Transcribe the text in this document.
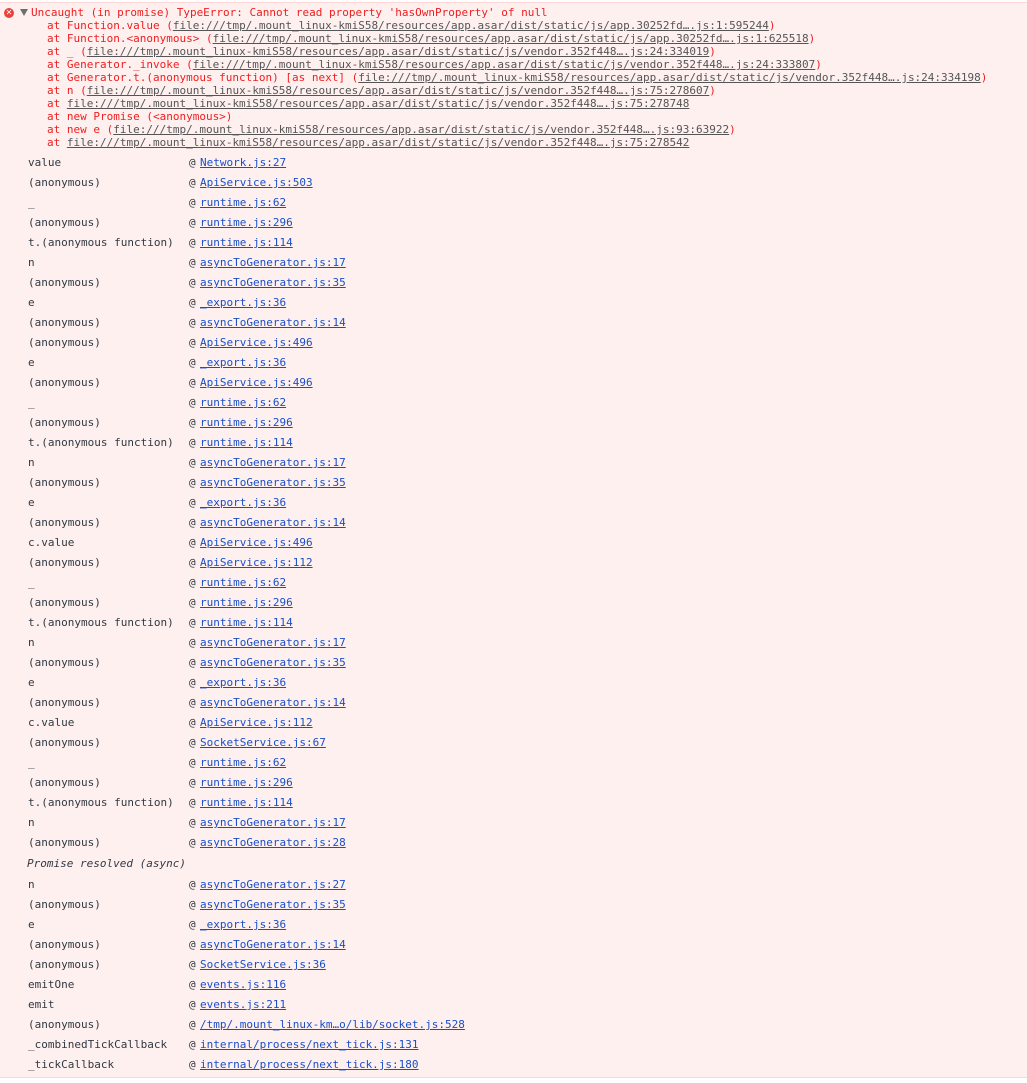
✕ Uncaught (in promise) TypeError: Cannot read property 'hasOwnProperty' of null
at Function.value (file:///tmp/.mount_linux-kmiS58/resources/app.asar/dist/static/js/app.30252fd….js:1:595244)
at Function.<anonymous> (file:///tmp/.mount_linux-kmiS58/resources/app.asar/dist/static/js/app.30252fd….js:1:625518)
at _ (file:///tmp/.mount_linux-kmiS58/resources/app.asar/dist/static/js/vendor.352f448….js:24:334019)
at Generator._invoke (file:///tmp/.mount_linux-kmiS58/resources/app.asar/dist/static/js/vendor.352f448….js:24:333807)
at Generator.t.(anonymous function) [as next] (file:///tmp/.mount_linux-kmiS58/resources/app.asar/dist/static/js/vendor.352f448….js:24:334198)
at n (file:///tmp/.mount_linux-kmiS58/resources/app.asar/dist/static/js/vendor.352f448….js:75:278607)
at file:///tmp/.mount_linux-kmiS58/resources/app.asar/dist/static/js/vendor.352f448….js:75:278748
at new Promise (<anonymous>)
at new e (file:///tmp/.mount_linux-kmiS58/resources/app.asar/dist/static/js/vendor.352f448….js:93:63922)
at file:///tmp/.mount_linux-kmiS58/resources/app.asar/dist/static/js/vendor.352f448….js:75:278542
value	@ Network.js:27
(anonymous)	@ ApiService.js:503
_	@ runtime.js:62
(anonymous)	@ runtime.js:296
t.(anonymous function) @ runtime.js:114
n	@ asyncToGenerator.js:17
(anonymous)	@ asyncToGenerator.js:35
e	@ _export.js:36
(anonymous)	@ asyncToGenerator.js:14
(anonymous)	@ ApiService.js:496
e	@ _export.js:36
(anonymous)	@ ApiService.js:496
_	@ runtime.js:62
(anonymous)	@ runtime.js:296
t.(anonymous function) @ runtime.js:114
n	@ asyncToGenerator.js:17
(anonymous)	@ asyncToGenerator.js:35
e	@ _export.js:36
(anonymous)	@ asyncToGenerator.js:14
c.value	@ ApiService.js:496
(anonymous)	@ ApiService.js:112
_	@ runtime.js:62
(anonymous)	@ runtime.js:296
t.(anonymous function) @ runtime.js:114
n	@ asyncToGenerator.js:17
(anonymous)	@ asyncToGenerator.js:35
e	@ _export.js:36
(anonymous)	@ asyncToGenerator.js:14
c.value	@ ApiService.js:112
(anonymous)	@ SocketService.js:67
_	@ runtime.js:62
(anonymous)	@ runtime.js:296
t.(anonymous function) @ runtime.js:114
n	@ asyncToGenerator.js:17
(anonymous)	@ asyncToGenerator.js:28
Promise resolved (async)
n	@ asyncToGenerator.js:27
(anonymous)	@ asyncToGenerator.js:35
e	@ _export.js:36
(anonymous)	@ asyncToGenerator.js:14
(anonymous)	@ SocketService.js:36
emitOne	@ events.js:116
emit	@ events.js:211
(anonymous)	@ /tmp/.mount_linux-km…o/lib/socket.js:528
_combinedTickCallback @ internal/process/next_tick.js:131
_tickCallback	@ internal/process/next_tick.js:180
